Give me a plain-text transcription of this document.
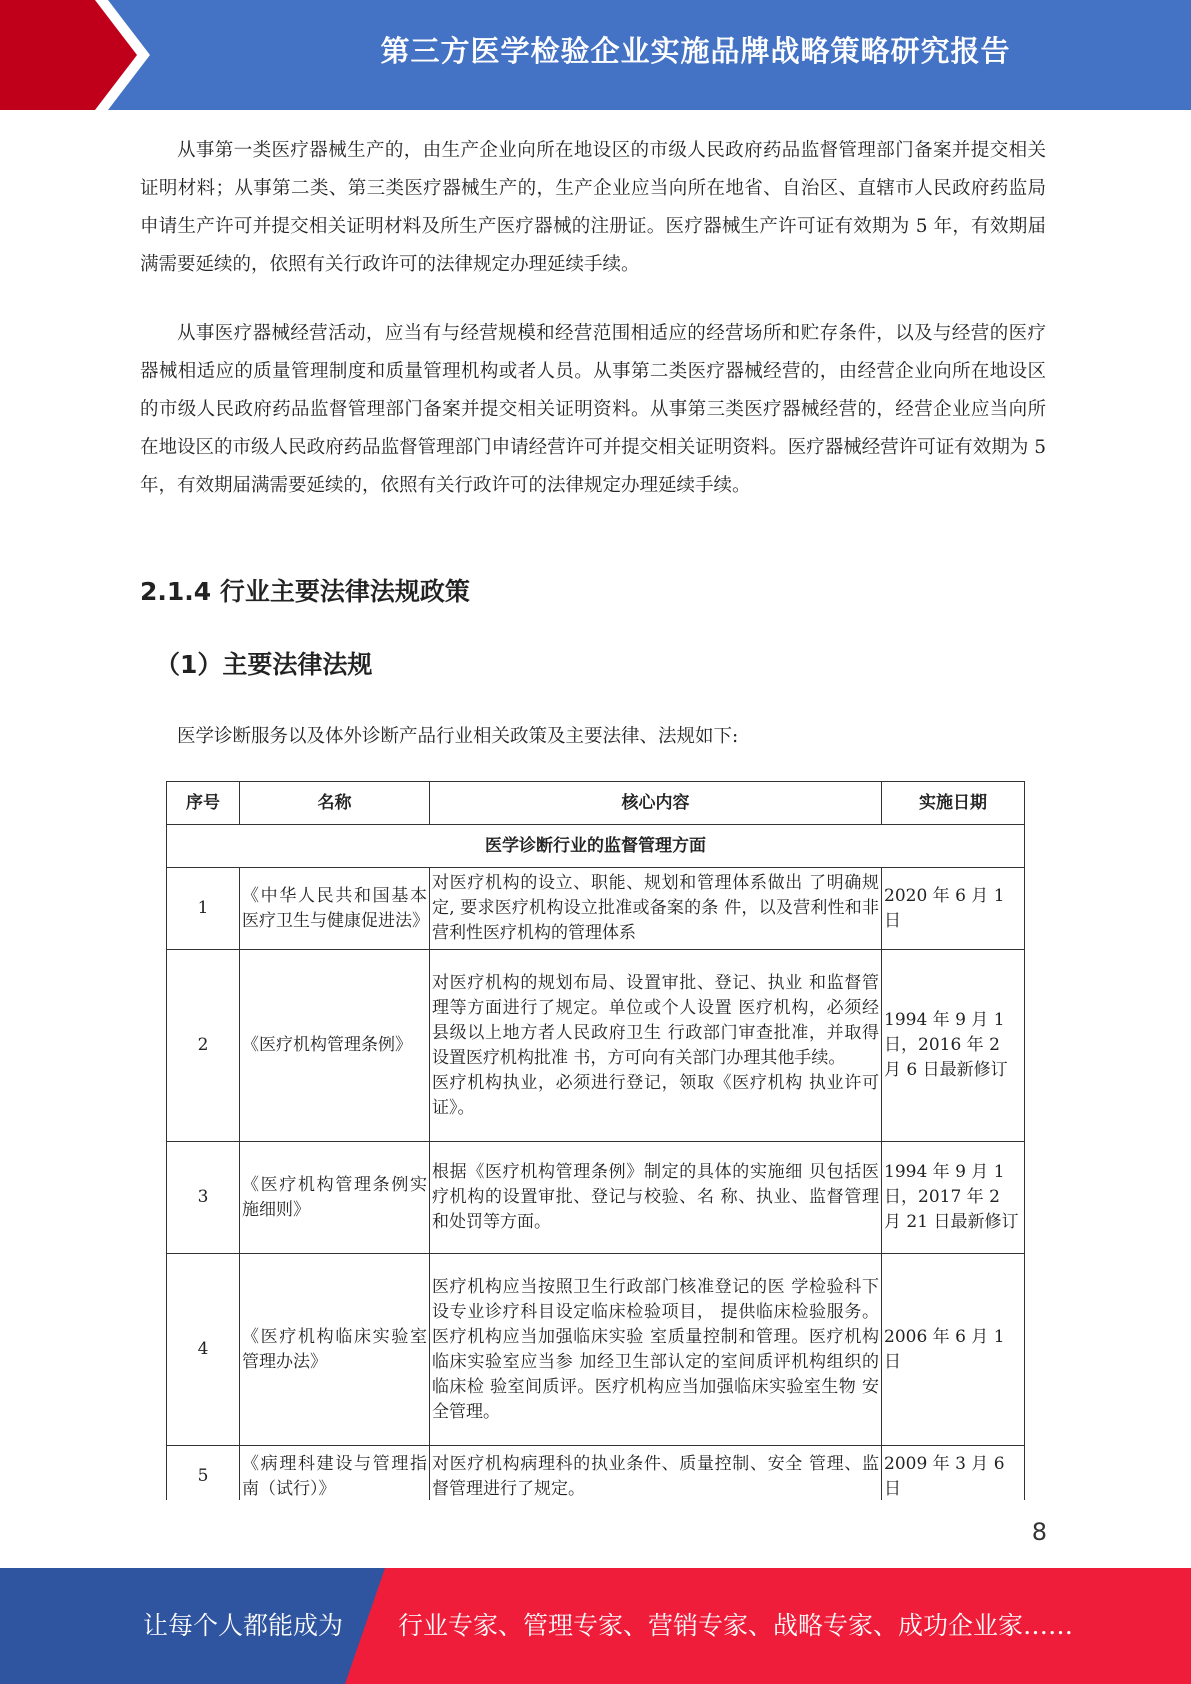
第三方医学检验企业实施品牌战略策略研究报告

从事第一类医疗器械生产的，由生产企业向所在地设区的市级人民政府药品监督管理部门备案并提交相关证明材料；从事第二类、第三类医疗器械生产的，生产企业应当向所在地省、自治区、直辖市人民政府药监局申请生产许可并提交相关证明材料及所生产医疗器械的注册证。医疗器械生产许可证有效期为 5 年，有效期届满需要延续的，依照有关行政许可的法律规定办理延续手续。

从事医疗器械经营活动，应当有与经营规模和经营范围相适应的经营场所和贮存条件，以及与经营的医疗器械相适应的质量管理制度和质量管理机构或者人员。从事第二类医疗器械经营的，由经营企业向所在地设区的市级人民政府药品监督管理部门备案并提交相关证明资料。从事第三类医疗器械经营的，经营企业应当向所在地设区的市级人民政府药品监督管理部门申请经营许可并提交相关证明资料。医疗器械经营许可证有效期为 5 年，有效期届满需要延续的，依照有关行政许可的法律规定办理延续手续。

2.1.4 行业主要法律法规政策
（1）主要法律法规

医学诊断服务以及体外诊断产品行业相关政策及主要法律、法规如下:

序号	名称	核心内容	实施日期
医学诊断行业的监督管理方面			
1	《中华人民共和国基本医疗卫生与健康促进法》	对医疗机构的设立、职能、规划和管理体系做出 了明确规定, 要求医疗机构设立批准或备案的条 件，以及营利性和非营利性医疗机构的管理体系	2020 年 6 月 1 日
2	《医疗机构管理条例》	对医疗机构的规划布局、设置审批、登记、执业 和监督管理等方面进行了规定。单位或个人设置 医疗机构，必须经县级以上地方者人民政府卫生 行政部门审查批准，并取得设置医疗机构批准 书，方可向有关部门办理其他手续。
医疗机构执业，必须进行登记，领取《医疗机构 执业许可证》。	1994 年 9 月 1 日，2016 年 2 月 6 日最新修订
3	《医疗机构管理条例实施细则》	根据《医疗机构管理条例》制定的具体的实施细 贝包括医疗机构的设置审批、登记与校验、名 称、执业、监督管理和处罚等方面。	1994 年 9 月 1 日，2017 年 2 月 21 日最新修订
4	《医疗机构临床实验室管理办法》	医疗机构应当按照卫生行政部门核准登记的医 学检验科下设专业诊疗科目设定临床检验项目， 提供临床检验服务。医疗机构应当加强临床实验 室质量控制和管理。医疗机构临床实验室应当参 加经卫生部认定的室间质评机构组织的临床检 验室间质评。医疗机构应当加强临床实验室生物 安全管理。	2006 年 6 月 1 日
5	《病理科建设与管理指南（试行）》	对医疗机构病理科的执业条件、质量控制、安全 管理、监督管理进行了规定。	2009 年 3 月 6 日
8
让每个人都能成为 行业专家、管理专家、营销专家、战略专家、成功企业家……
